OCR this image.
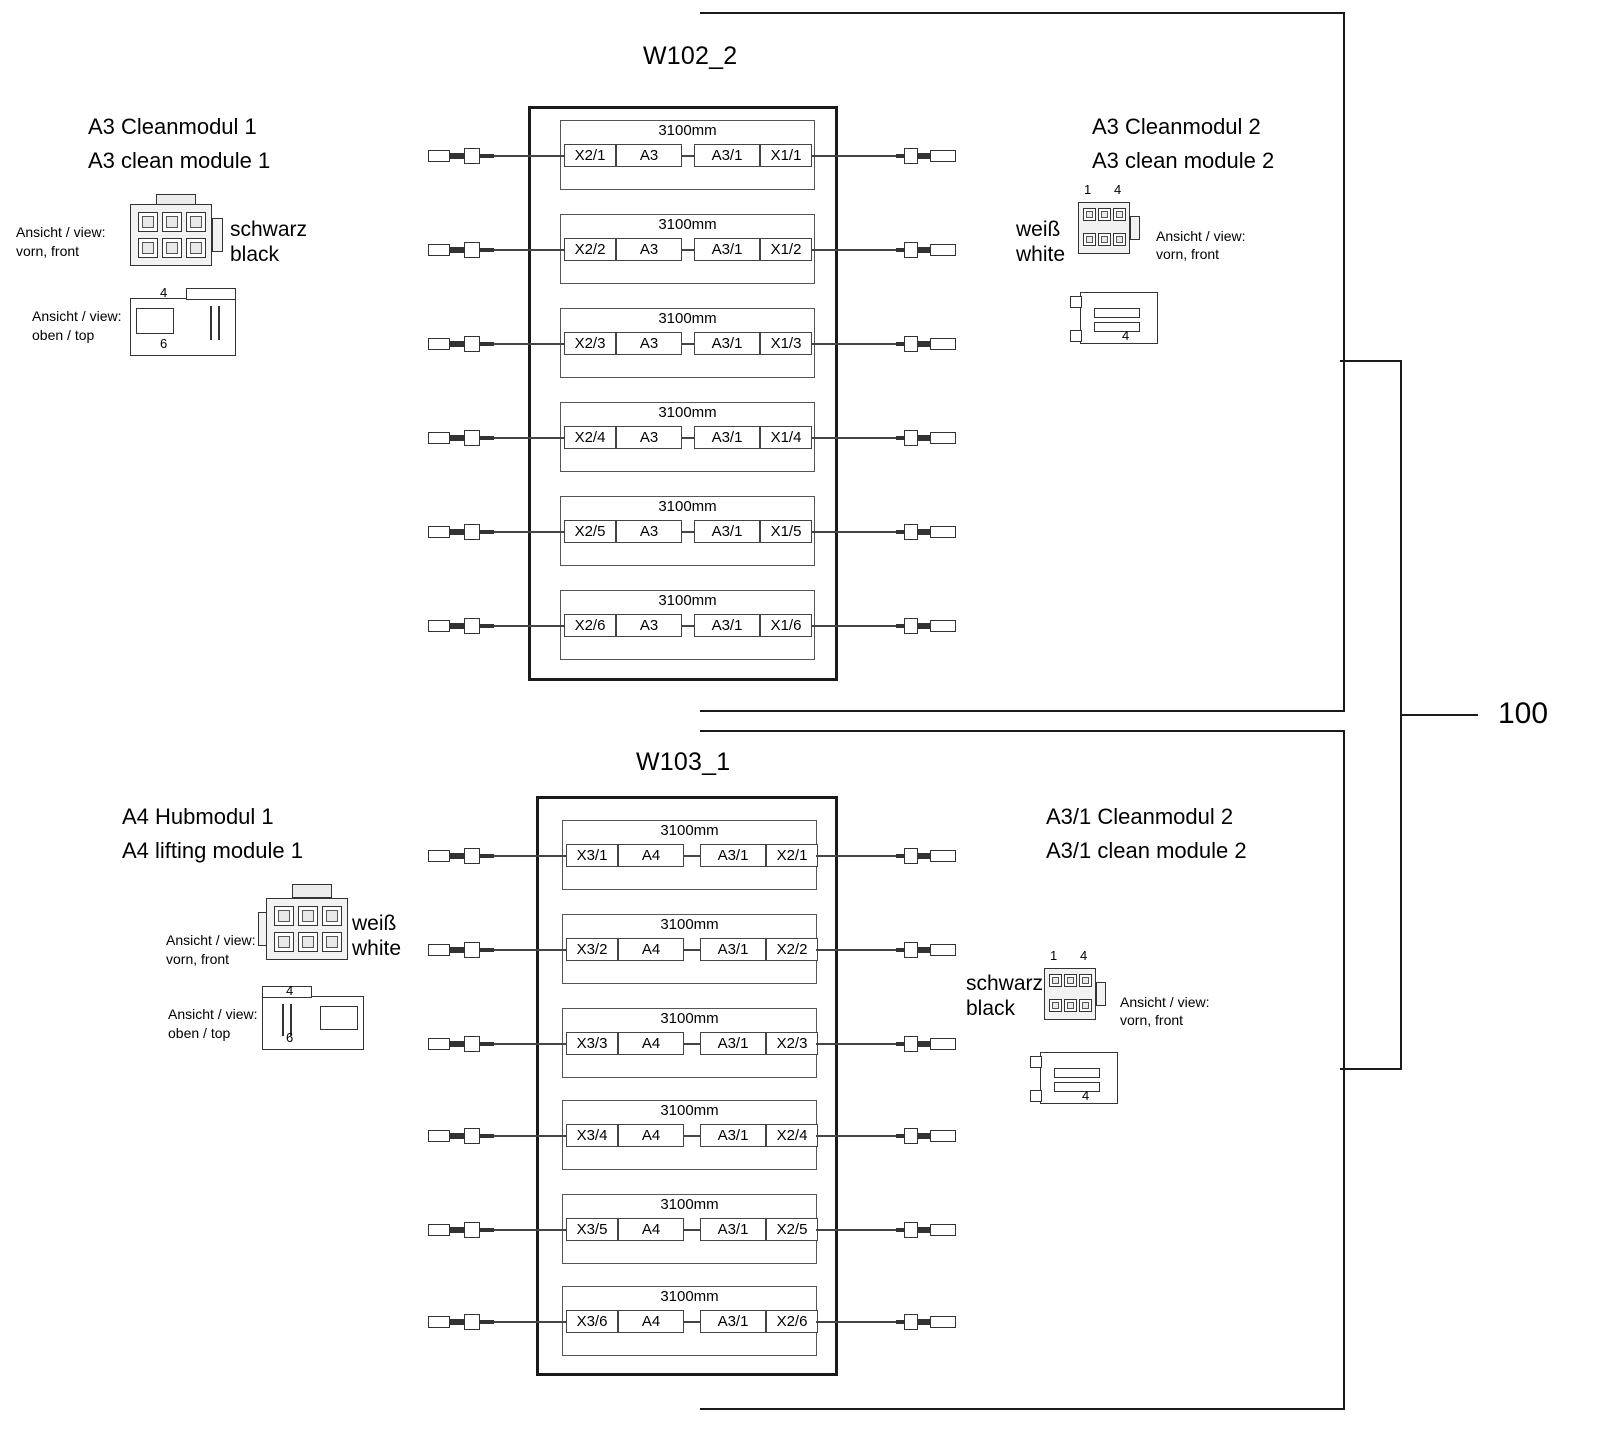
100
W102_2
A3 Cleanmodul 1
A3 clean module 1
Ansicht / view:
vorn, front
schwarz
black
Ansicht / view:
oben / top
4
6
A3 Cleanmodul 2
A3 clean module 2
weiß
white
1 4
Ansicht / view:
vorn, front
4
3100mm
X2/1	A3	A3/1	X1/1
3100mm
X2/2	A3	A3/1	X1/2
3100mm
X2/3	A3	A3/1	X1/3
3100mm
X2/4	A3	A3/1	X1/4
3100mm
X2/5	A3	A3/1	X1/5
3100mm
X2/6	A3	A3/1	X1/6
W103_1
A4 Hubmodul 1
A4 lifting module 1
Ansicht / view:
vorn, front
weiß
white
Ansicht / view:
oben / top
4
6
A3/1 Cleanmodul 2
A3/1 clean module 2
schwarz
black
1 4
Ansicht / view:
vorn, front
4
3100mm
X3/1	A4	A3/1	X2/1
3100mm
X3/2	A4	A3/1	X2/2
3100mm
X3/3	A4	A3/1	X2/3
3100mm
X3/4	A4	A3/1	X2/4
3100mm
X3/5	A4	A3/1	X2/5
3100mm
X3/6	A4	A3/1	X2/6
